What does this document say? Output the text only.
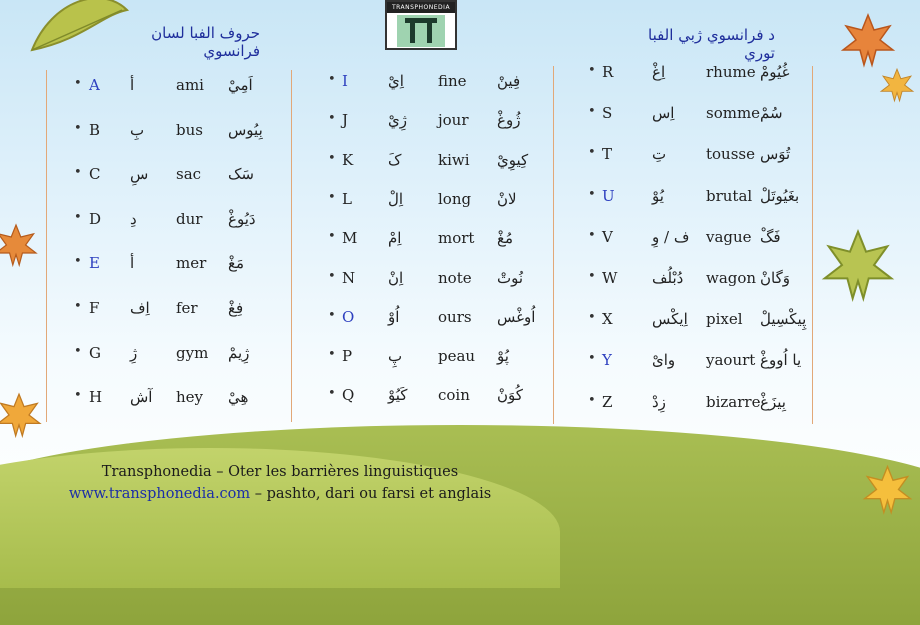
TRANSPHONEDIA
حروف الفبا لسان فرانسوي
د فرانسوي ژبي الفبا توري
• A أ	ami اَمِيْ
• B بِ bus بِيُوس
• C سِ sac سَک
• D دِ	dur دَيُوغْ
• E أ	mer مَغْ
• F اِف fer فِغْ
• G ژِ	gym ژِيمْ
• H آش hey هِيْ
• I	اِيْ fine فِينْ
• J	ژِيْ jour ژُوغْ
• K کَ kiwi کِيوِيْ
• L اِلْ long لانْ
• M اِمْ mort مُغْ
• N اِنْ note نُوتْ
• O اُوْ	ours اُوغْس
• P پِ peau پُوْ
• Q کَيُوْ coin کُوَنْ
• R	اِغْ	rhume غُيُومْ
• S	اِس somme سُمْ
• T	تِ	tousse تُوَس
• U يُوْ	brutal بغَيُوتَلْ
• V	ف / وِ vague فَگْ
• W دُبْلُف wagon وَگانْ
• X	اِيكْس pixel پِيكْسِيلْ
• Y	وایْ yaourt يا اُووغْ
• Z	زِدْ	bizarre بِيزَغْ
Transphonedia – Oter les barrières linguistiques
www.transphonedia.com – pashto, dari ou farsi et anglais
